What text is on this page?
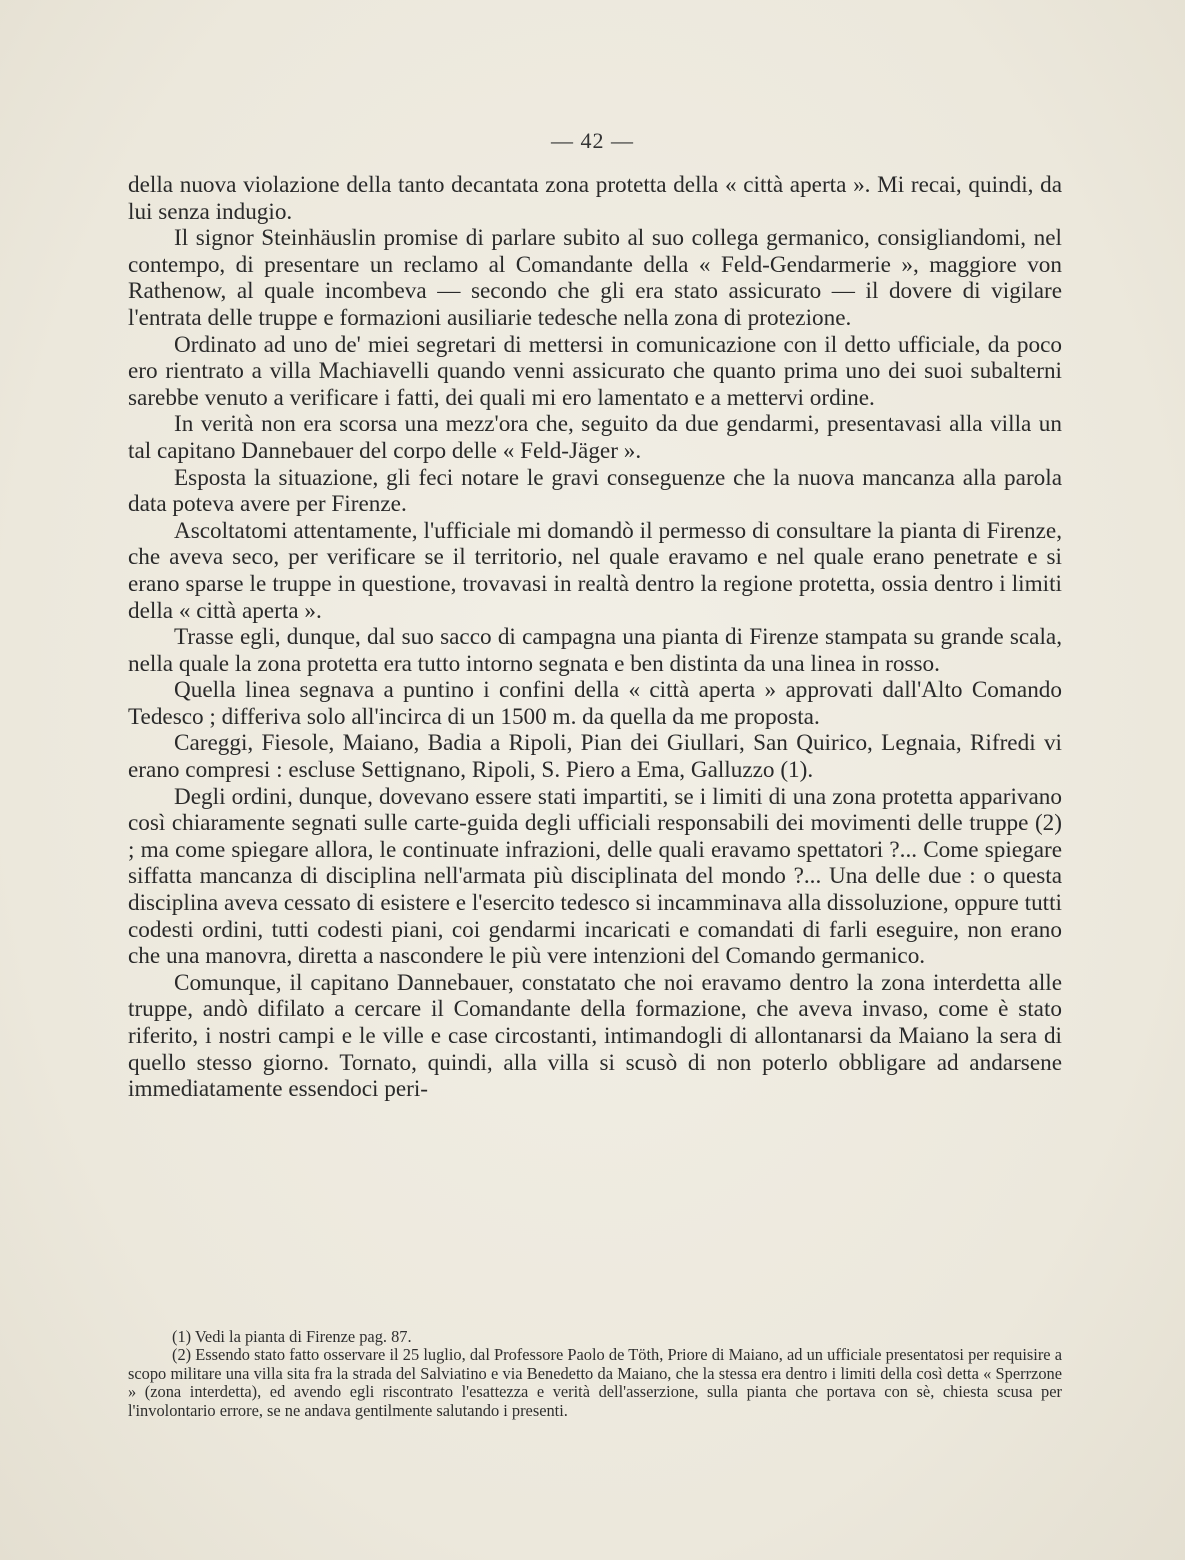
— 42 —

della nuova violazione della tanto decantata zona protetta della « città aperta ». Mi recai, quindi, da lui senza indugio.

Il signor Steinhäuslin promise di parlare subito al suo collega germanico, consigliandomi, nel contempo, di presentare un reclamo al Comandante della « Feld-Gendarmerie », maggiore von Rathenow, al quale incombeva — secondo che gli era stato assicurato — il dovere di vigilare l'entrata delle truppe e formazioni ausiliarie tedesche nella zona di protezione.

Ordinato ad uno de' miei segretari di mettersi in comunicazione con il detto ufficiale, da poco ero rientrato a villa Machiavelli quando venni assicurato che quanto prima uno dei suoi subalterni sarebbe venuto a verificare i fatti, dei quali mi ero lamentato e a mettervi ordine.

In verità non era scorsa una mezz'ora che, seguito da due gendarmi, presentavasi alla villa un tal capitano Dannebauer del corpo delle « Feld-Jäger ».

Esposta la situazione, gli feci notare le gravi conseguenze che la nuova mancanza alla parola data poteva avere per Firenze.

Ascoltatomi attentamente, l'ufficiale mi domandò il permesso di consultare la pianta di Firenze, che aveva seco, per verificare se il territorio, nel quale eravamo e nel quale erano penetrate e si erano sparse le truppe in questione, trovavasi in realtà dentro la regione protetta, ossia dentro i limiti della « città aperta ».

Trasse egli, dunque, dal suo sacco di campagna una pianta di Firenze stampata su grande scala, nella quale la zona protetta era tutto intorno segnata e ben distinta da una linea in rosso.

Quella linea segnava a puntino i confini della « città aperta » approvati dall'Alto Comando Tedesco ; differiva solo all'incirca di un 1500 m. da quella da me proposta.

Careggi, Fiesole, Maiano, Badia a Ripoli, Pian dei Giullari, San Quirico, Legnaia, Rifredi vi erano compresi : escluse Settignano, Ripoli, S. Piero a Ema, Galluzzo (1).

Degli ordini, dunque, dovevano essere stati impartiti, se i limiti di una zona protetta apparivano così chiaramente segnati sulle carte-guida degli ufficiali responsabili dei movimenti delle truppe (2) ; ma come spiegare allora, le continuate infrazioni, delle quali eravamo spettatori ?... Come spiegare siffatta mancanza di disciplina nell'armata più disciplinata del mondo ?... Una delle due : o questa disciplina aveva cessato di esistere e l'esercito tedesco si incamminava alla dissoluzione, oppure tutti codesti ordini, tutti codesti piani, coi gendarmi incaricati e comandati di farli eseguire, non erano che una manovra, diretta a nascondere le più vere intenzioni del Comando germanico.

Comunque, il capitano Dannebauer, constatato che noi eravamo dentro la zona interdetta alle truppe, andò difilato a cercare il Comandante della formazione, che aveva invaso, come è stato riferito, i nostri campi e le ville e case circostanti, intimandogli di allontanarsi da Maiano la sera di quello stesso giorno. Tornato, quindi, alla villa si scusò di non poterlo obbligare ad andarsene immediatamente essendoci peri-

(1) Vedi la pianta di Firenze pag. 87.

(2) Essendo stato fatto osservare il 25 luglio, dal Professore Paolo de Töth, Priore di Maiano, ad un ufficiale presentatosi per requisire a scopo militare una villa sita fra la strada del Salviatino e via Benedetto da Maiano, che la stessa era dentro i limiti della così detta « Sperrzone » (zona interdetta), ed avendo egli riscontrato l'esattezza e verità dell'asserzione, sulla pianta che portava con sè, chiesta scusa per l'involontario errore, se ne andava gentilmente salutando i presenti.
